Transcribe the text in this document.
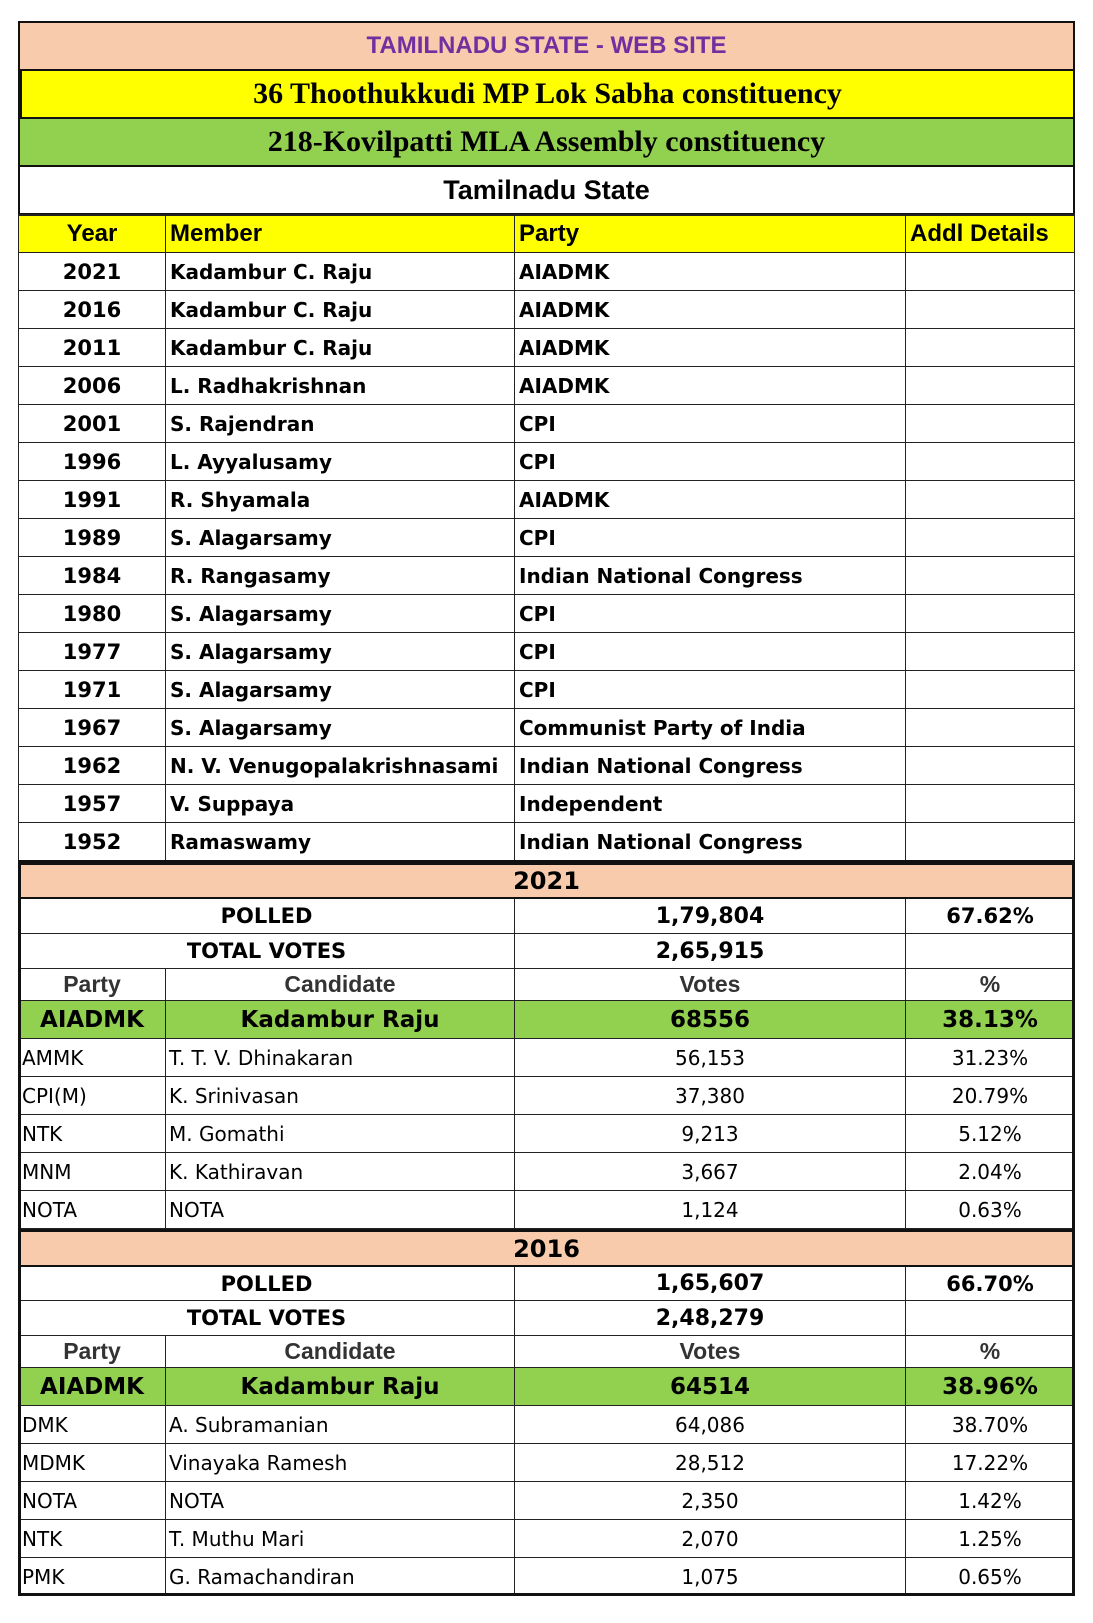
TAMILNADU STATE - WEB SITE
36 Thoothukkudi MP Lok Sabha constituency
218-Kovilpatti MLA Assembly constituency
Tamilnadu State
Year	Member	Party	Addl Details
2021	Kadambur C. Raju	AIADMK
2016	Kadambur C. Raju	AIADMK
2011	Kadambur C. Raju	AIADMK
2006	L. Radhakrishnan	AIADMK
2001	S. Rajendran	CPI
1996	L. Ayyalusamy	CPI
1991	R. Shyamala	AIADMK
1989	S. Alagarsamy	CPI
1984	R. Rangasamy	Indian National Congress
1980	S. Alagarsamy	CPI
1977	S. Alagarsamy	CPI
1971	S. Alagarsamy	CPI
1967	S. Alagarsamy	Communist Party of India
1962	N. V. Venugopalakrishnasami	Indian National Congress
1957	V. Suppaya	Independent
1952	Ramaswamy	Indian National Congress
2021
POLLED	1,79,804	67.62%
TOTAL VOTES	2,65,915
Party	Candidate	Votes	%
AIADMK	Kadambur Raju	68556	38.13%
AMMK	T. T. V. Dhinakaran	56,153	31.23%
CPI(M)	K. Srinivasan	37,380	20.79%
NTK	M. Gomathi	9,213	5.12%
MNM	K. Kathiravan	3,667	2.04%
NOTA	NOTA	1,124	0.63%
2016
POLLED	1,65,607	66.70%
TOTAL VOTES	2,48,279
Party	Candidate	Votes	%
AIADMK	Kadambur Raju	64514	38.96%
DMK	A. Subramanian	64,086	38.70%
MDMK	Vinayaka Ramesh	28,512	17.22%
NOTA	NOTA	2,350	1.42%
NTK	T. Muthu Mari	2,070	1.25%
PMK	G. Ramachandiran	1,075	0.65%
